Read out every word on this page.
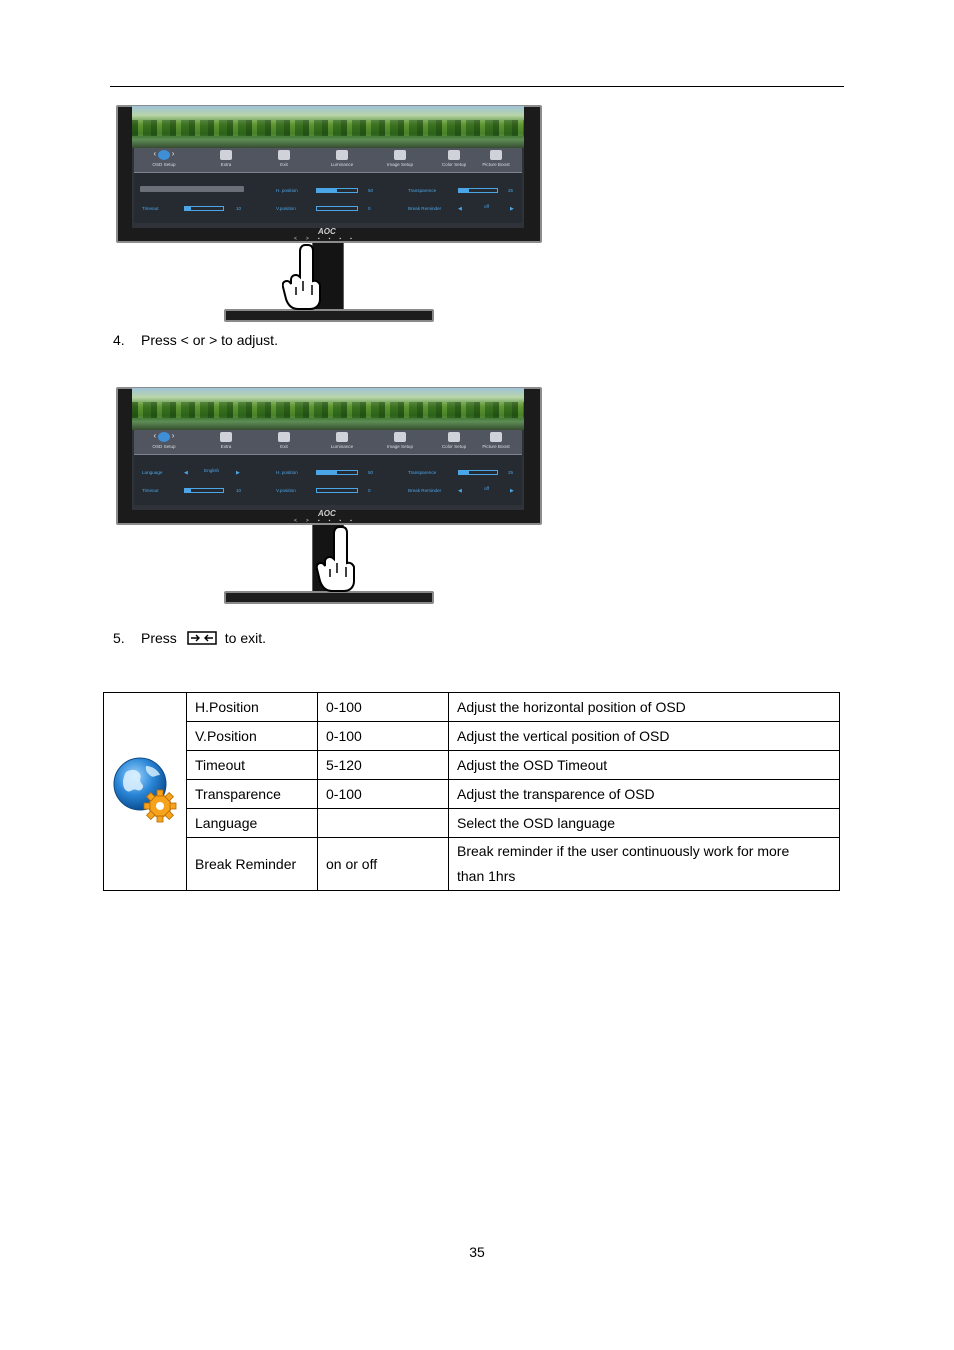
‹       ›
OSD Setup	Extra	Exit	Luminance	Image Setup	Color Setup	Picture Boost
Timeout	10
H. position	50
V.position	0
Transparence	25
Break Reminder	◀	off	▶
AOC
<>▪▪▪▪
4. Press < or > to adjust.
‹       ›
OSD Setup	Extra	Exit	Luminance	Image Setup	Color Setup	Picture Boost
Language	◀	English	▶
Timeout	10
H. position	50
V.position	0
Transparence	25
Break Reminder	◀	off	▶
AOC
<>▪▪▪▪
5. Press	to exit.
	H.Position	0-100	Adjust the horizontal position of OSD
	V.Position	0-100	Adjust the vertical position of OSD
	Timeout	5-120	Adjust the OSD Timeout
	Transparence	0-100	Adjust the transparence of OSD
	Language		Select the OSD language
	Break Reminder	on or off	Break reminder if the user continuously work for more
than 1hrs
35
